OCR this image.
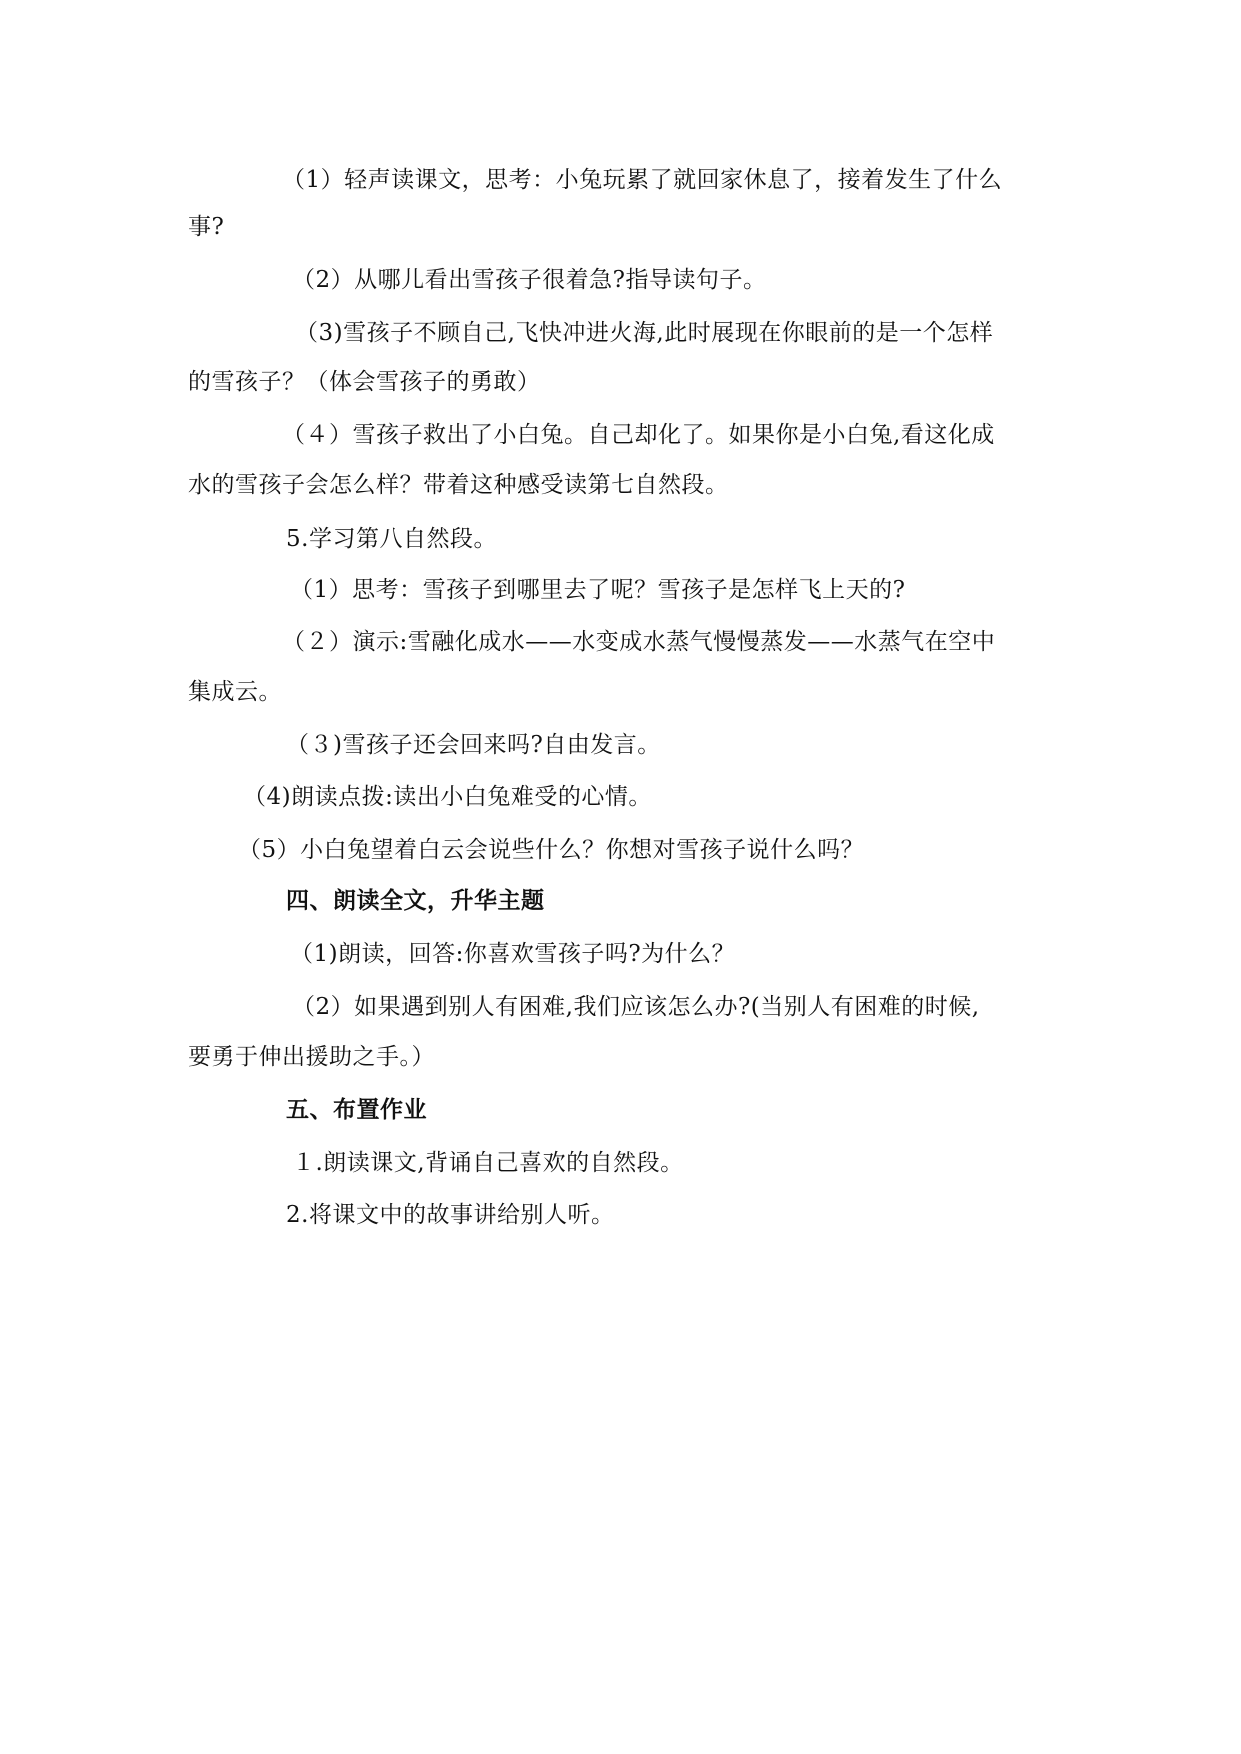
（1）轻声读课文，思考：小兔玩累了就回家休息了，接着发生了什么
事?
（2）从哪儿看出雪孩子很着急?指导读句子。
（3)雪孩子不顾自己,飞快冲进火海,此时展现在你眼前的是一个怎样
的雪孩子？（体会雪孩子的勇敢）
（４）雪孩子救出了小白兔。自己却化了。如果你是小白兔,看这化成
水的雪孩子会怎么样？带着这种感受读第七自然段。
5.学习第八自然段。
（1）思考：雪孩子到哪里去了呢？雪孩子是怎样飞上天的?
（２）演示:雪融化成水——水变成水蒸气慢慢蒸发——水蒸气在空中
集成云。
（３)雪孩子还会回来吗?自由发言。
（4)朗读点拨:读出小白兔难受的心情。
（5）小白兔望着白云会说些什么？你想对雪孩子说什么吗？
四、朗读全文，升华主题
（1)朗读，回答:你喜欢雪孩子吗?为什么？
（2）如果遇到别人有困难,我们应该怎么办?(当别人有困难的时候,
要勇于伸出援助之手。）
五、布置作业
１.朗读课文,背诵自己喜欢的自然段。
2.将课文中的故事讲给别人听。
